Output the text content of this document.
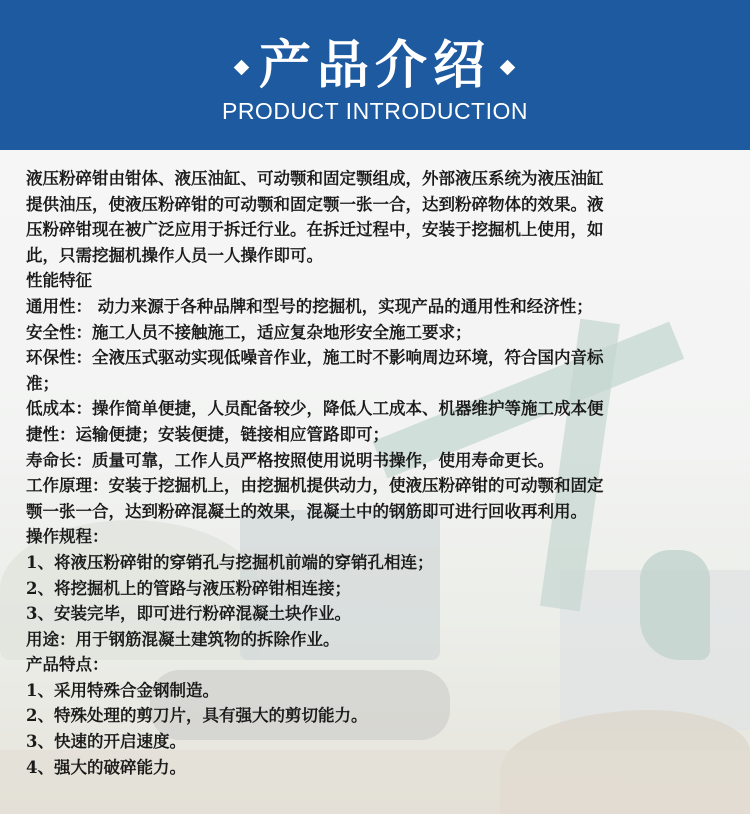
产品介绍
PRODUCT INTRODUCTION

液压粉碎钳由钳体、液压油缸、可动颚和固定颚组成，外部液压系统为液压油缸

提供油压，使液压粉碎钳的可动颚和固定颚一张一合，达到粉碎物体的效果。液

压粉碎钳现在被广泛应用于拆迁行业。在拆迁过程中，安装于挖掘机上使用，如

此，只需挖掘机操作人员一人操作即可。

性能特征

通用性： 动力来源于各种品牌和型号的挖掘机，实现产品的通用性和经济性；

安全性：施工人员不接触施工，适应复杂地形安全施工要求；

环保性：全液压式驱动实现低噪音作业，施工时不影响周边环境，符合国内音标

准；

低成本：操作简单便捷，人员配备较少，降低人工成本、机器维护等施工成本便

捷性：运输便捷；安装便捷，链接相应管路即可；

寿命长：质量可靠，工作人员严格按照使用说明书操作，使用寿命更长。

工作原理：安装于挖掘机上，由挖掘机提供动力，使液压粉碎钳的可动颚和固定

颚一张一合，达到粉碎混凝土的效果，混凝土中的钢筋即可进行回收再利用。

操作规程：

1、将液压粉碎钳的穿销孔与挖掘机前端的穿销孔相连；

2、将挖掘机上的管路与液压粉碎钳相连接；

3、安装完毕，即可进行粉碎混凝土块作业。

用途：用于钢筋混凝土建筑物的拆除作业。

产品特点：

1、采用特殊合金钢制造。

2、特殊处理的剪刀片，具有强大的剪切能力。

3、快速的开启速度。

4、强大的破碎能力。
